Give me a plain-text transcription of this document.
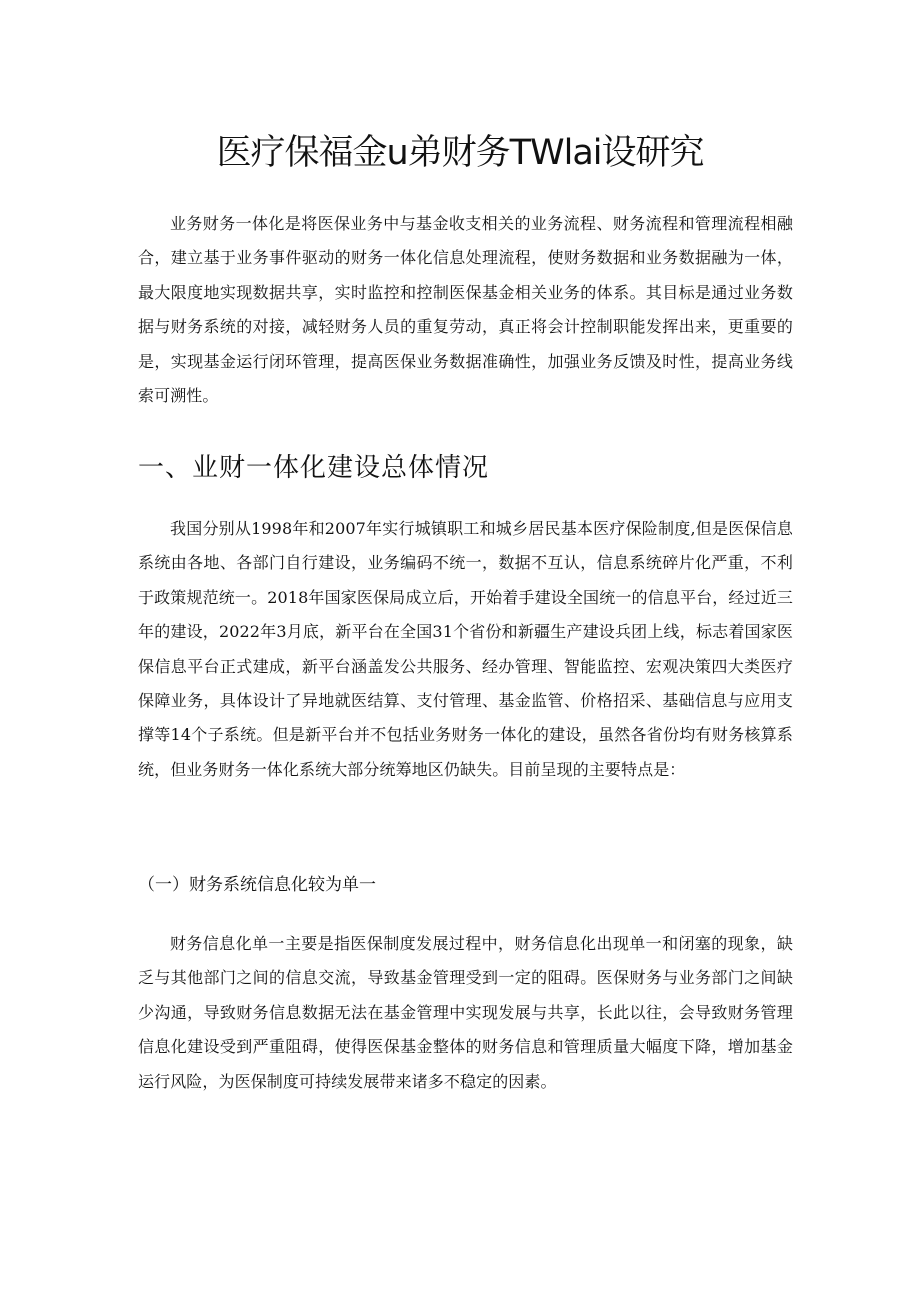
医疗保福金u弟财务TWlai设研究

业务财务一体化是将医保业务中与基金收支相关的业务流程、财务流程和管理流程相融合，建立基于业务事件驱动的财务一体化信息处理流程，使财务数据和业务数据融为一体，最大限度地实现数据共享，实时监控和控制医保基金相关业务的体系。其目标是通过业务数据与财务系统的对接，减轻财务人员的重复劳动，真正将会计控制职能发挥出来，更重要的是，实现基金运行闭环管理，提高医保业务数据准确性，加强业务反馈及时性，提高业务线索可溯性。

一、业财一体化建设总体情况

我国分别从1998年和2007年实行城镇职工和城乡居民基本医疗保险制度,但是医保信息系统由各地、各部门自行建设，业务编码不统一，数据不互认，信息系统碎片化严重，不利于政策规范统一。2018年国家医保局成立后，开始着手建设全国统一的信息平台，经过近三年的建设，2022年3月底，新平台在全国31个省份和新疆生产建设兵团上线，标志着国家医保信息平台正式建成，新平台涵盖发公共服务、经办管理、智能监控、宏观决策四大类医疗保障业务，具体设计了异地就医结算、支付管理、基金监管、价格招采、基础信息与应用支撑等14个子系统。但是新平台并不包括业务财务一体化的建设，虽然各省份均有财务核算系统，但业务财务一体化系统大部分统筹地区仍缺失。目前呈现的主要特点是：

（一）财务系统信息化较为单一

财务信息化单一主要是指医保制度发展过程中，财务信息化出现单一和闭塞的现象，缺乏与其他部门之间的信息交流，导致基金管理受到一定的阻碍。医保财务与业务部门之间缺少沟通，导致财务信息数据无法在基金管理中实现发展与共享，长此以往，会导致财务管理信息化建设受到严重阻碍，使得医保基金整体的财务信息和管理质量大幅度下降，增加基金运行风险，为医保制度可持续发展带来诸多不稳定的因素。
